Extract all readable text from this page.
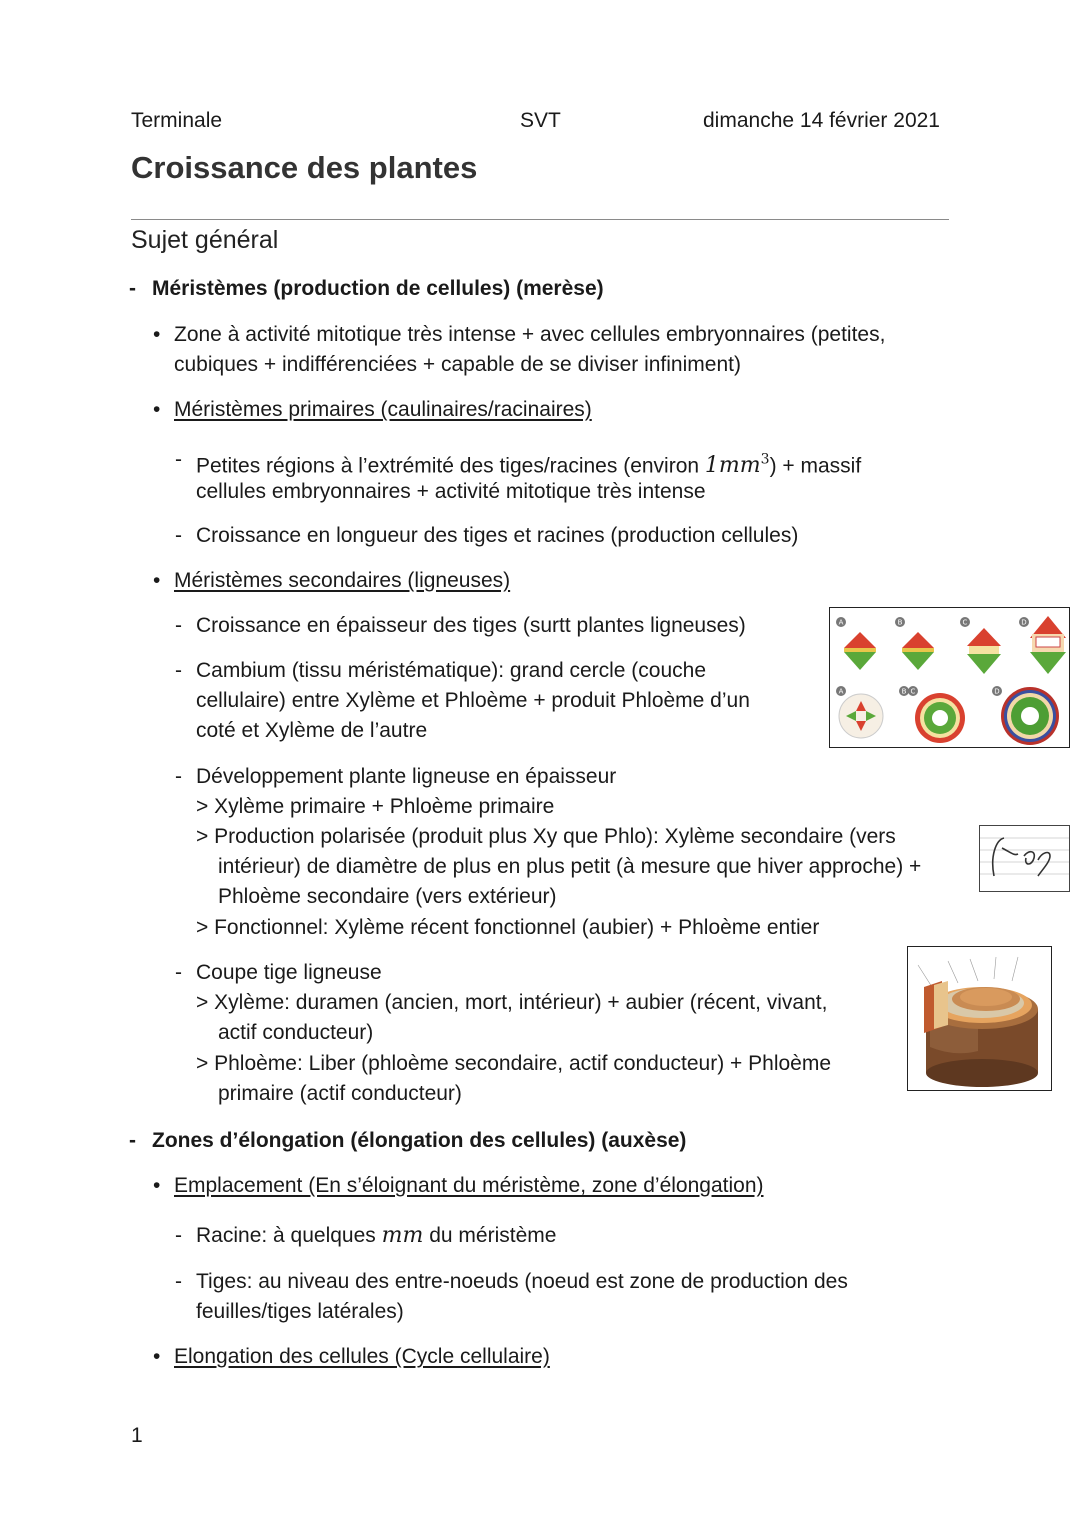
Terminale	SVT	dimanche 14 février 2021
Croissance des plantes
Sujet général
- Méristèmes (production de cellules) (merèse)
• Zone à activité mitotique très intense + avec cellules embryonnaires (petites,
cubiques + indifférenciées + capable de se diviser infiniment)
• Méristèmes primaires (caulinaires/racinaires)
- Petites régions à l’extrémité des tiges/racines (environ $1mm^3$) + massif
cellules embryonnaires + activité mitotique très intense
- Croissance en longueur des tiges et racines (production cellules)
• Méristèmes secondaires (ligneuses)
- Croissance en épaisseur des tiges (surtt plantes ligneuses)
- Cambium (tissu méristématique): grand cercle (couche
cellulaire) entre Xylème et Phloème + produit Phloème d’un
coté et Xylème de l’autre
- Développement plante ligneuse en épaisseur
> Xylème primaire + Phloème primaire
> Production polarisée (produit plus Xy que Phlo): Xylème secondaire (vers
intérieur) de diamètre de plus en plus petit (à mesure que hiver approche) +
Phloème secondaire (vers extérieur)
> Fonctionnel: Xylème récent fonctionnel (aubier) + Phloème entier
- Coupe tige ligneuse
> Xylème: duramen (ancien, mort, intérieur) + aubier (récent, vivant,
actif conducteur)
> Phloème: Liber (phloème secondaire, actif conducteur) + Phloème
primaire (actif conducteur)
- Zones d’élongation (élongation des cellules) (auxèse)
• Emplacement (En s’éloignant du méristème, zone d’élongation)
- Racine: à quelques mm du méristème
- Tiges: au niveau des entre-noeuds (noeud est zone de production des
feuilles/tiges latérales)
• Elongation des cellules (Cycle cellulaire)
1
A	B	C	D
A	B C	D
